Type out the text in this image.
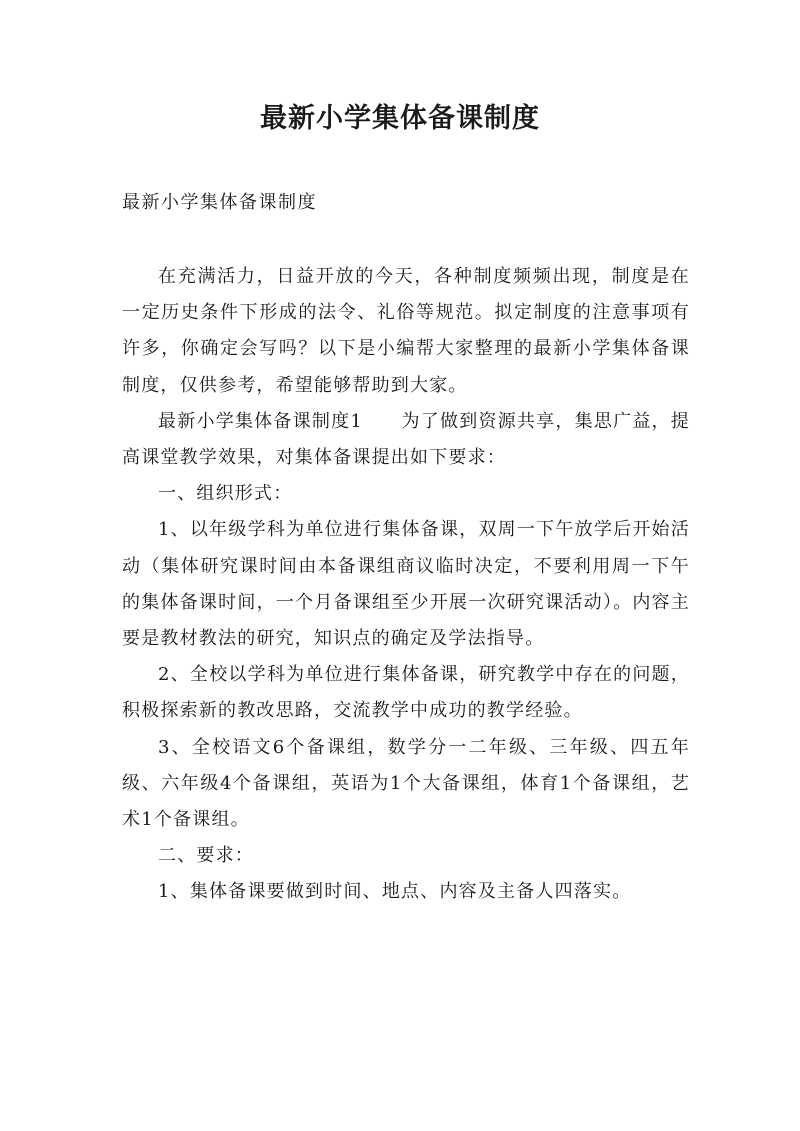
最新小学集体备课制度
最新小学集体备课制度

在充满活力，日益开放的今天，各种制度频频出现，制度是在一定历史条件下形成的法令、礼俗等规范。拟定制度的注意事项有许多，你确定会写吗？以下是小编帮大家整理的最新小学集体备课制度，仅供参考，希望能够帮助到大家。

最新小学集体备课制度1　　为了做到资源共享，集思广益，提高课堂教学效果，对集体备课提出如下要求：

一、组织形式：

1、以年级学科为单位进行集体备课，双周一下午放学后开始活动（集体研究课时间由本备课组商议临时决定，不要利用周一下午的集体备课时间，一个月备课组至少开展一次研究课活动）。内容主要是教材教法的研究，知识点的确定及学法指导。

2、全校以学科为单位进行集体备课，研究教学中存在的问题，积极探索新的教改思路，交流教学中成功的教学经验。

3、全校语文6个备课组，数学分一二年级、三年级、四五年级、六年级4个备课组，英语为1个大备课组，体育1个备课组，艺术1个备课组。

二、要求：

1、集体备课要做到时间、地点、内容及主备人四落实。
